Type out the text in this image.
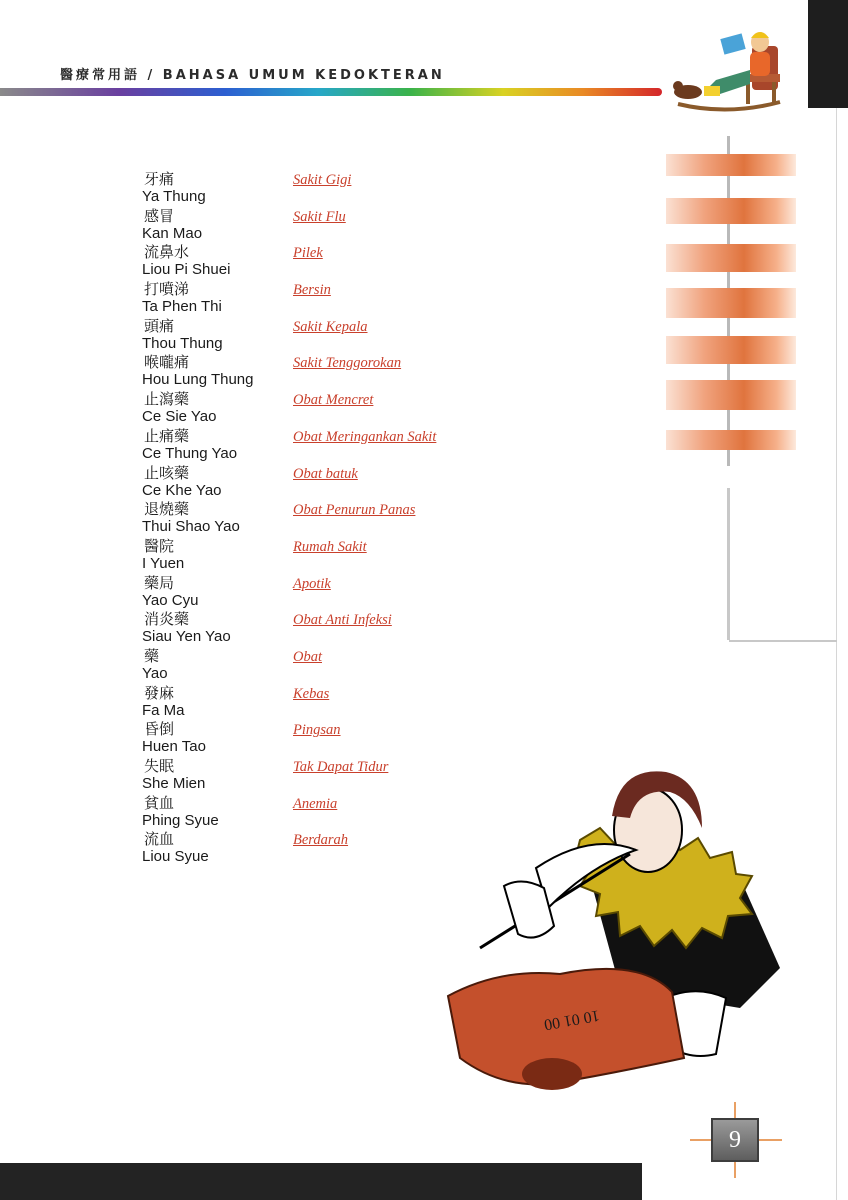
醫療常用語 / BAHASA UMUM KEDOKTERAN
牙痛
Ya Thung
Sakit Gigi
感冒
Kan Mao
Sakit Flu
流鼻水
Liou Pi Shuei
Pilek
打噴涕
Ta Phen Thi
Bersin
頭痛
Thou Thung
Sakit Kepala
喉嚨痛
Hou Lung Thung
Sakit Tenggorokan
止瀉藥
Ce Sie Yao
Obat Mencret
止痛藥
Ce Thung Yao
Obat Meringankan Sakit
止咳藥
Ce Khe Yao
Obat batuk
退燒藥
Thui Shao Yao
Obat Penurun Panas
醫院
I Yuen
Rumah Sakit
藥局
Yao Cyu
Apotik
消炎藥
Siau Yen Yao
Obat Anti Infeksi
藥
Yao
Obat
發麻
Fa Ma
Kebas
昏倒
Huen Tao
Pingsan
失眠
She Mien
Tak Dapat Tidur
貧血
Phing Syue
Anemia
流血
Liou Syue
Berdarah
10 01 00
9
